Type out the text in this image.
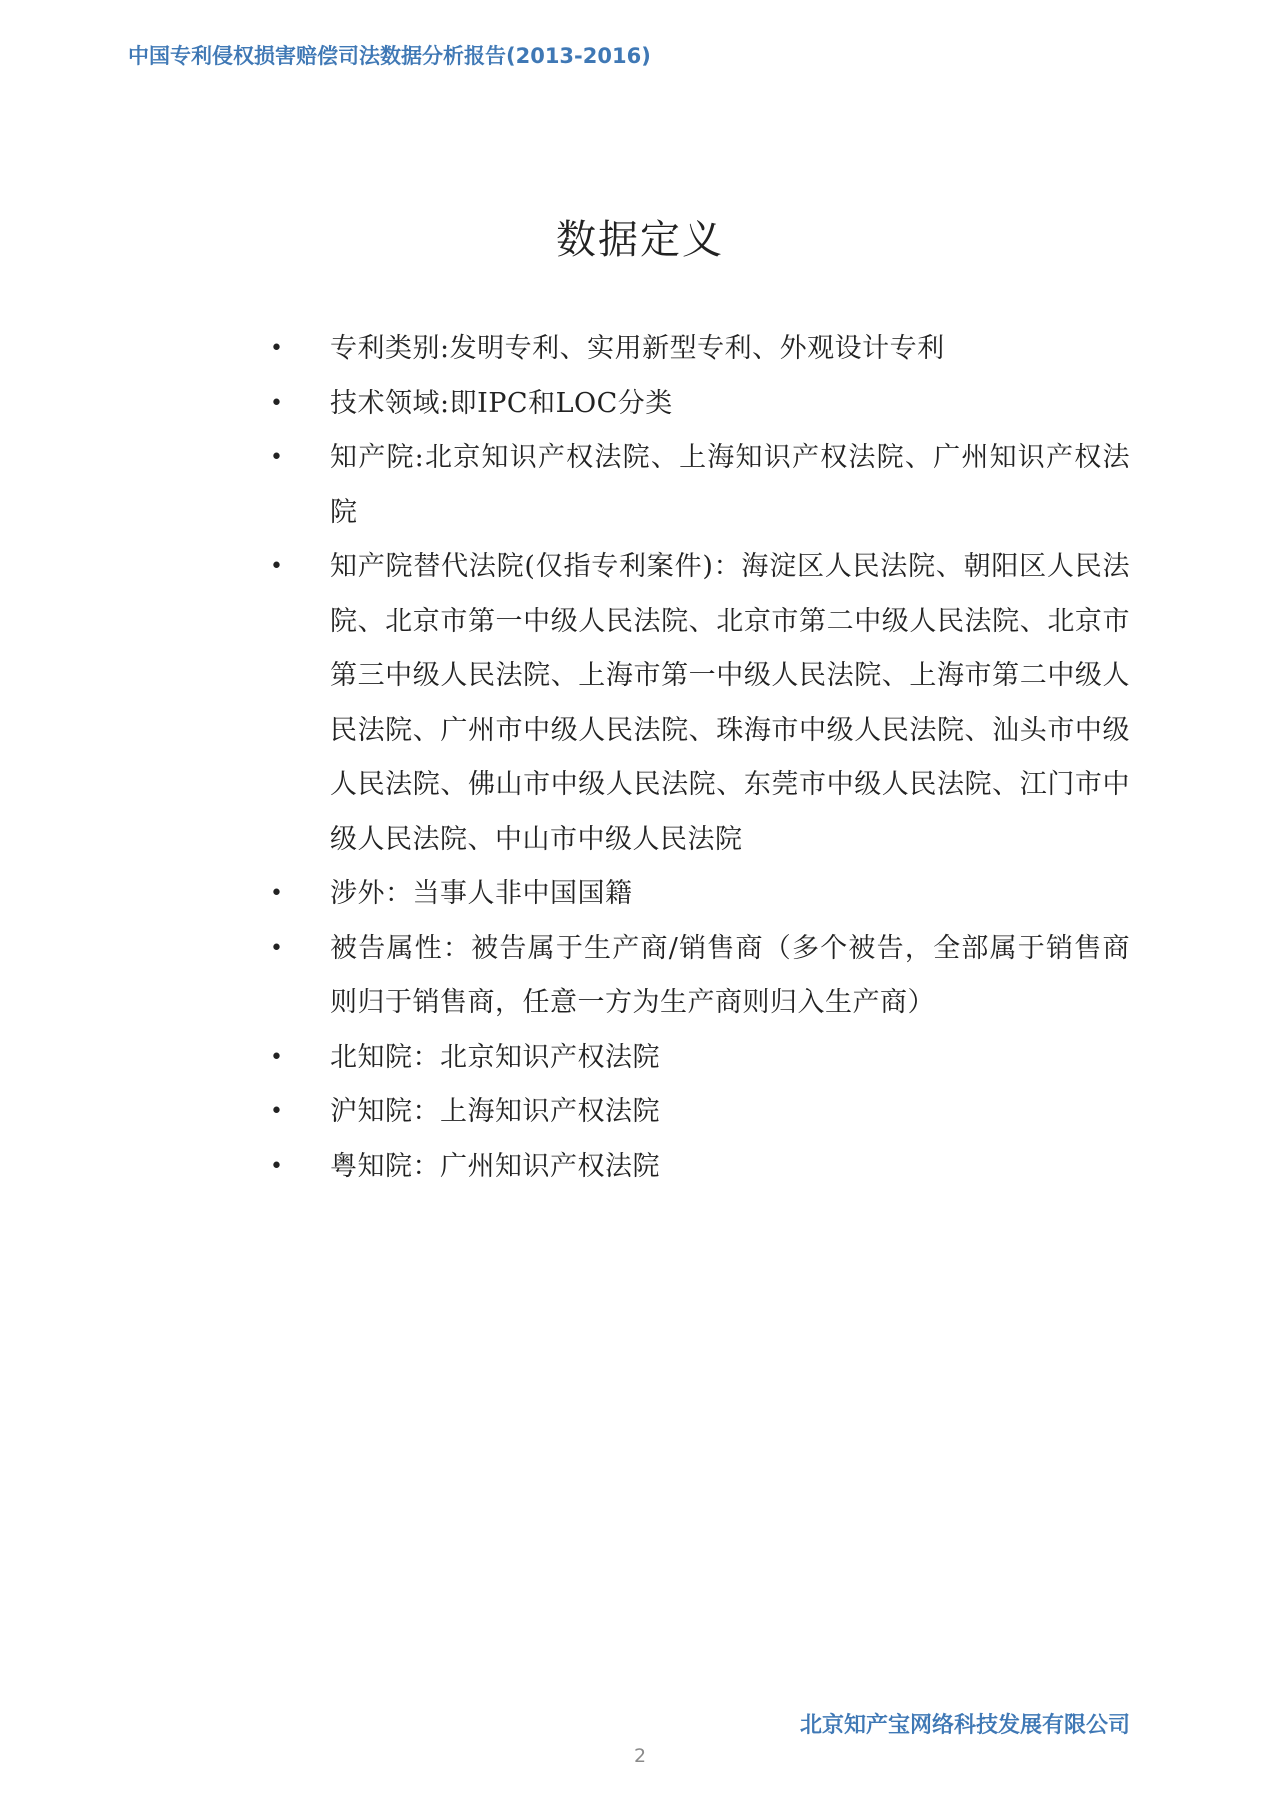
中国专利侵权损害赔偿司法数据分析报告(2013-2016)
数据定义
•	专利类别:发明专利、实用新型专利、外观设计专利
•	技术领域:即IPC和LOC分类
•	知产院:北京知识产权法院、上海知识产权法院、广州知识产权法院
•	知产院替代法院(仅指专利案件)：海淀区人民法院、朝阳区人民法院、北京市第一中级人民法院、北京市第二中级人民法院、北京市第三中级人民法院、上海市第一中级人民法院、上海市第二中级人民法院、广州市中级人民法院、珠海市中级人民法院、汕头市中级人民法院、佛山市中级人民法院、东莞市中级人民法院、江门市中级人民法院、中山市中级人民法院
•	涉外：当事人非中国国籍
•	被告属性：被告属于生产商/销售商（多个被告，全部属于销售商则归于销售商，任意一方为生产商则归入生产商）
•	北知院：北京知识产权法院
•	沪知院：上海知识产权法院
•	粤知院：广州知识产权法院
北京知产宝网络科技发展有限公司
2
